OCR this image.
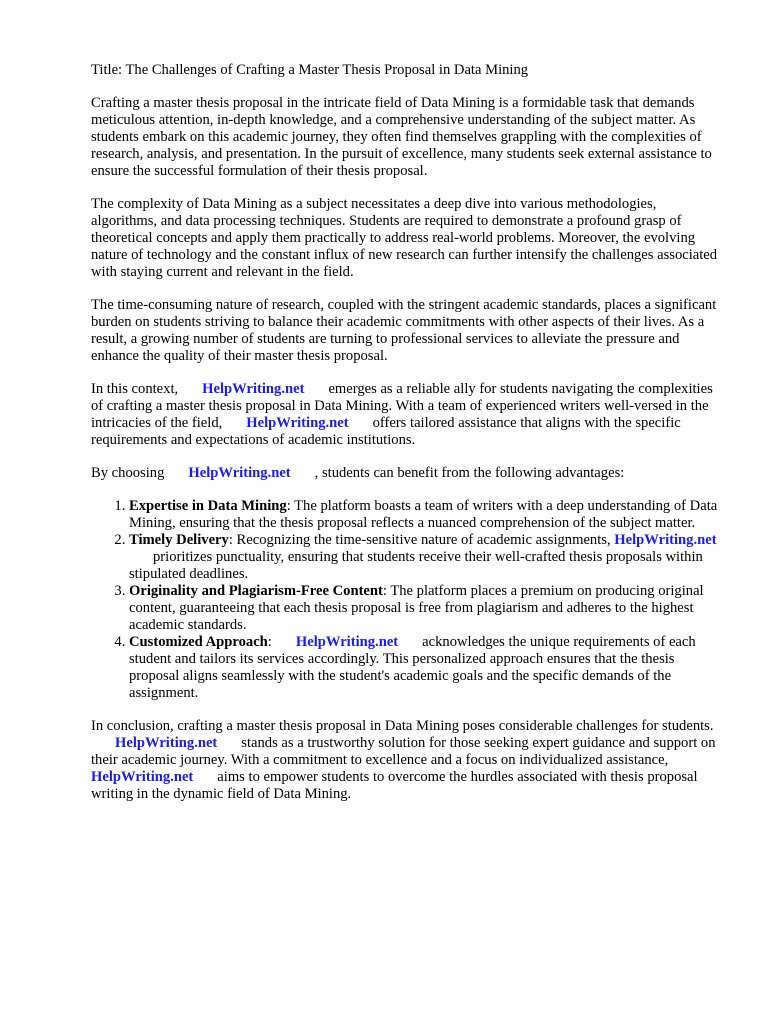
Title: The Challenges of Crafting a Master Thesis Proposal in Data Mining

Crafting a master thesis proposal in the intricate field of Data Mining is a formidable task that demands meticulous attention, in-depth knowledge, and a comprehensive understanding of the subject matter. As students embark on this academic journey, they often find themselves grappling with the complexities of research, analysis, and presentation. In the pursuit of excellence, many students seek external assistance to ensure the successful formulation of their thesis proposal.

The complexity of Data Mining as a subject necessitates a deep dive into various methodologies, algorithms, and data processing techniques. Students are required to demonstrate a profound grasp of theoretical concepts and apply them practically to address real-world problems. Moreover, the evolving nature of technology and the constant influx of new research can further intensify the challenges associated with staying current and relevant in the field.

The time-consuming nature of research, coupled with the stringent academic standards, places a significant burden on students striving to balance their academic commitments with other aspects of their lives. As a result, a growing number of students are turning to professional services to alleviate the pressure and enhance the quality of their master thesis proposal.

In this context, HelpWriting.net emerges as a reliable ally for students navigating the complexities of crafting a master thesis proposal in Data Mining. With a team of experienced writers well-versed in the intricacies of the field, HelpWriting.net offers tailored assistance that aligns with the specific requirements and expectations of academic institutions.

By choosing HelpWriting.net , students can benefit from the following advantages:

1. Expertise in Data Mining: The platform boasts a team of writers with a deep understanding of Data Mining, ensuring that the thesis proposal reflects a nuanced comprehension of the subject matter.
2. Timely Delivery: Recognizing the time-sensitive nature of academic assignments, HelpWriting.netprioritizes punctuality, ensuring that students receive their well-crafted thesis proposals within stipulated deadlines.
3. Originality and Plagiarism-Free Content: The platform places a premium on producing original content, guaranteeing that each thesis proposal is free from plagiarism and adheres to the highest academic standards.
4. Customized Approach: HelpWriting.net acknowledges the unique requirements of each student and tailors its services accordingly. This personalized approach ensures that the thesis proposal aligns seamlessly with the student's academic goals and the specific demands of the assignment.

In conclusion, crafting a master thesis proposal in Data Mining poses considerable challenges for students.HelpWriting.net stands as a trustworthy solution for those seeking expert guidance and support on their academic journey. With a commitment to excellence and a focus on individualized assistance,HelpWriting.net aims to empower students to overcome the hurdles associated with thesis proposal writing in the dynamic field of Data Mining.
